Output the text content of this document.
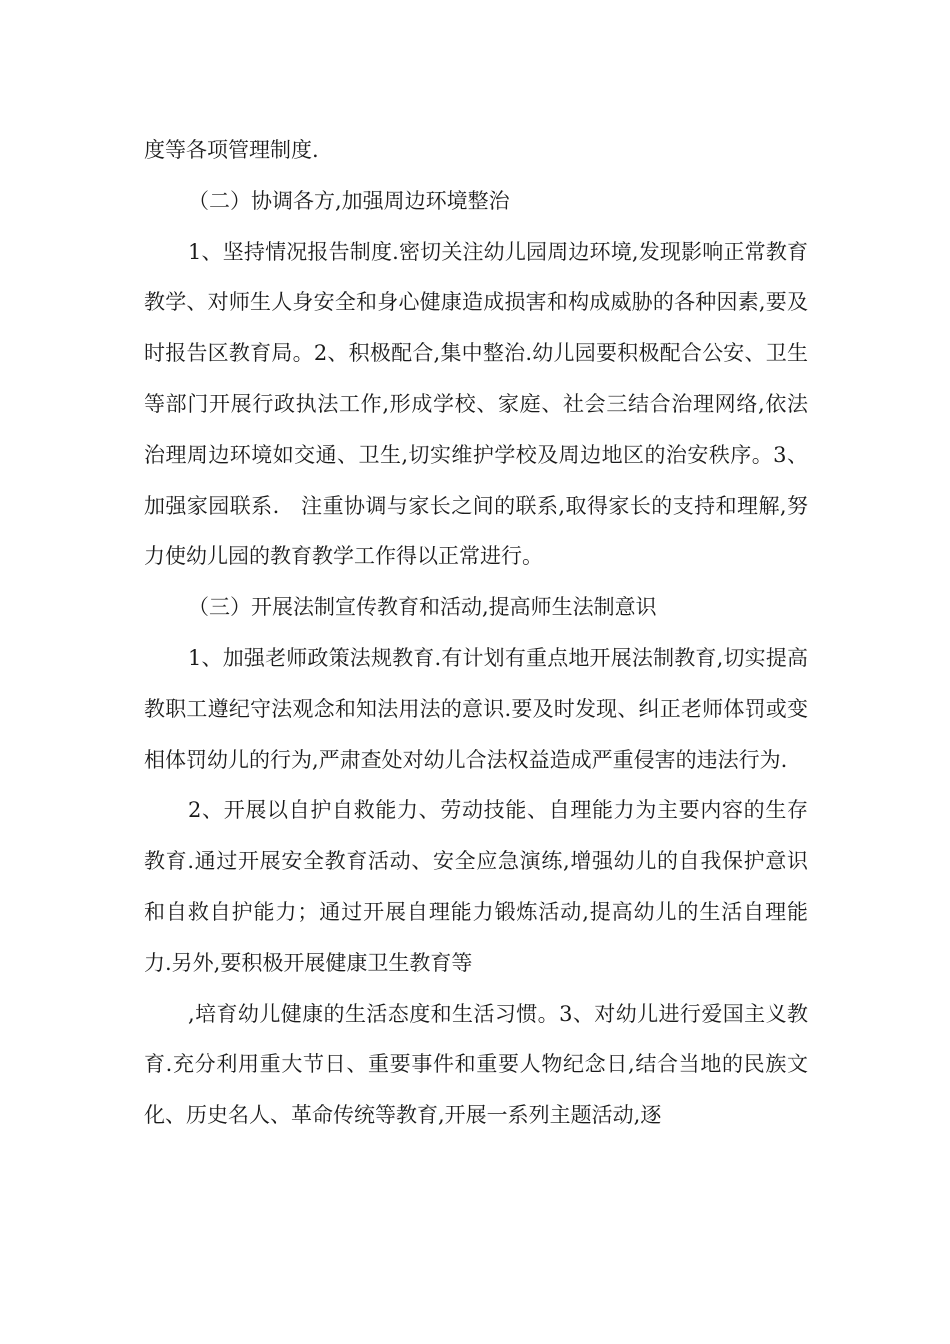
度等各项管理制度.

（二）协调各方,加强周边环境整治

1、坚持情况报告制度.密切关注幼儿园周边环境,发现影响正常教育教学、对师生人身安全和身心健康造成损害和构成威胁的各种因素,要及时报告区教育局。2、积极配合,集中整治.幼儿园要积极配合公安、卫生等部门开展行政执法工作,形成学校、家庭、社会三结合治理网络,依法治理周边环境如交通、卫生,切实维护学校及周边地区的治安秩序。3、加强家园联系.　注重协调与家长之间的联系,取得家长的支持和理解,努力使幼儿园的教育教学工作得以正常进行。

（三）开展法制宣传教育和活动,提高师生法制意识

1、加强老师政策法规教育.有计划有重点地开展法制教育,切实提高教职工遵纪守法观念和知法用法的意识.要及时发现、纠正老师体罚或变相体罚幼儿的行为,严肃查处对幼儿合法权益造成严重侵害的违法行为.

2、开展以自护自救能力、劳动技能、自理能力为主要内容的生存教育.通过开展安全教育活动、安全应急演练,增强幼儿的自我保护意识和自救自护能力；通过开展自理能力锻炼活动,提高幼儿的生活自理能力.另外,要积极开展健康卫生教育等

,培育幼儿健康的生活态度和生活习惯。3、对幼儿进行爱国主义教育.充分利用重大节日、重要事件和重要人物纪念日,结合当地的民族文化、历史名人、革命传统等教育,开展一系列主题活动,逐
